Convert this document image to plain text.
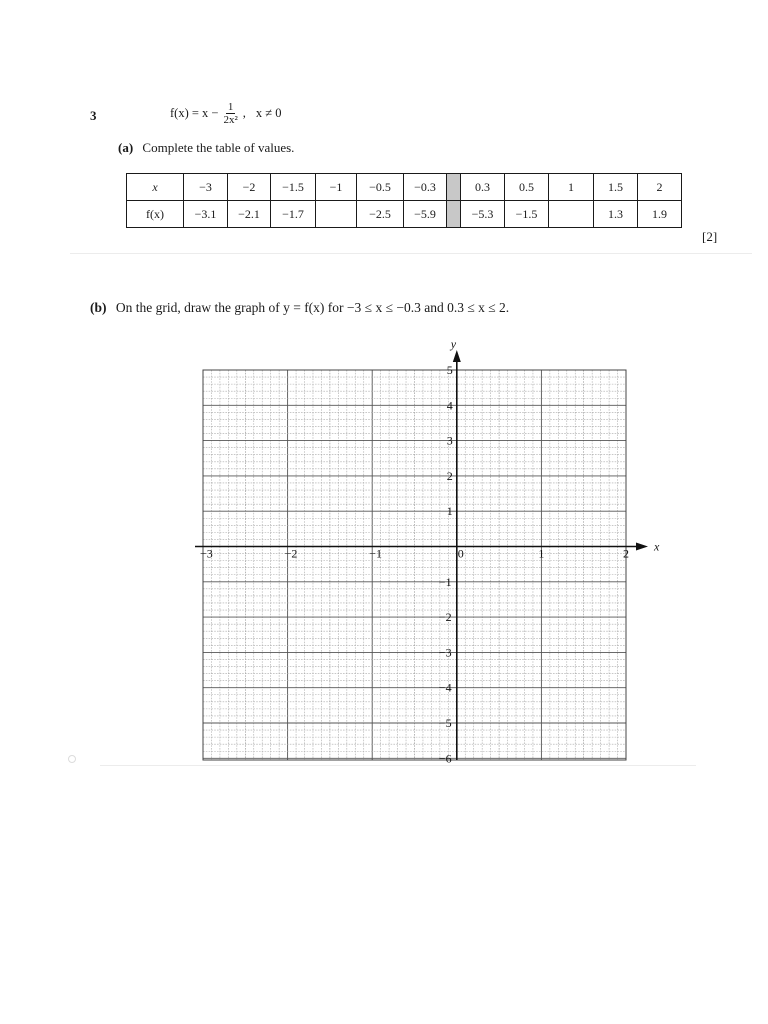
3	$f(x) = x - \frac{1}{\text{2x²}}$ , x ≠ 0
(a) Complete the table of values.
x	−3	−2	−1.5	−1	−0.5	−0.3		0.3	0.5	1	1.5	2
f(x)	−3.1	−2.1	−1.7		−2.5	−5.9		−5.3	−1.5		1.3	1.9
[2]
(b) On the grid, draw the graph of y = f(x) for −3 ≤ x ≤ −0.3 and 0.3 ≤ x ≤ 2.
x
y
−3	−2	−1	0	1	2
1
2
3
4
5
−1
−2
−3
−4
−5
−6
